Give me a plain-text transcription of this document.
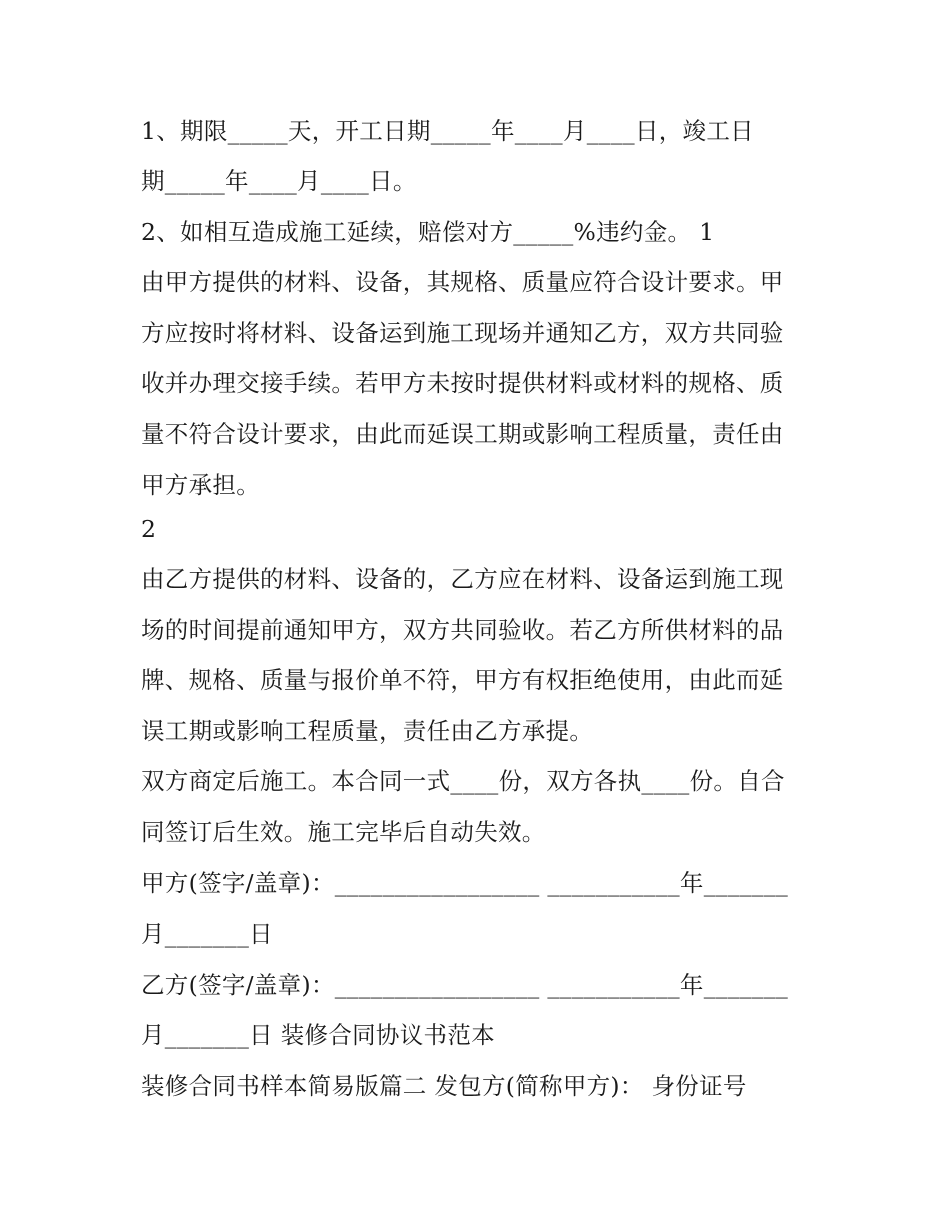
1、期限_____天，开工日期_____年____月____日，竣工日
期_____年____月____日。
2、如相互造成施工延续，赔偿对方_____%违约金。 1
由甲方提供的材料、设备，其规格、质量应符合设计要求。甲
方应按时将材料、设备运到施工现场并通知乙方，双方共同验
收并办理交接手续。若甲方未按时提供材料或材料的规格、质
量不符合设计要求，由此而延误工期或影响工程质量，责任由
甲方承担。
2
由乙方提供的材料、设备的，乙方应在材料、设备运到施工现
场的时间提前通知甲方，双方共同验收。若乙方所供材料的品
牌、规格、质量与报价单不符，甲方有权拒绝使用，由此而延
误工期或影响工程质量，责任由乙方承提。
双方商定后施工。本合同一式____份，双方各执____份。自合
同签订后生效。施工完毕后自动失效。
甲方(签字/盖章)：_________________ ___________年_______
月_______日
乙方(签字/盖章)：_________________ ___________年_______
月_______日 装修合同协议书范本
装修合同书样本简易版篇二 发包方(简称甲方)： 身份证号
